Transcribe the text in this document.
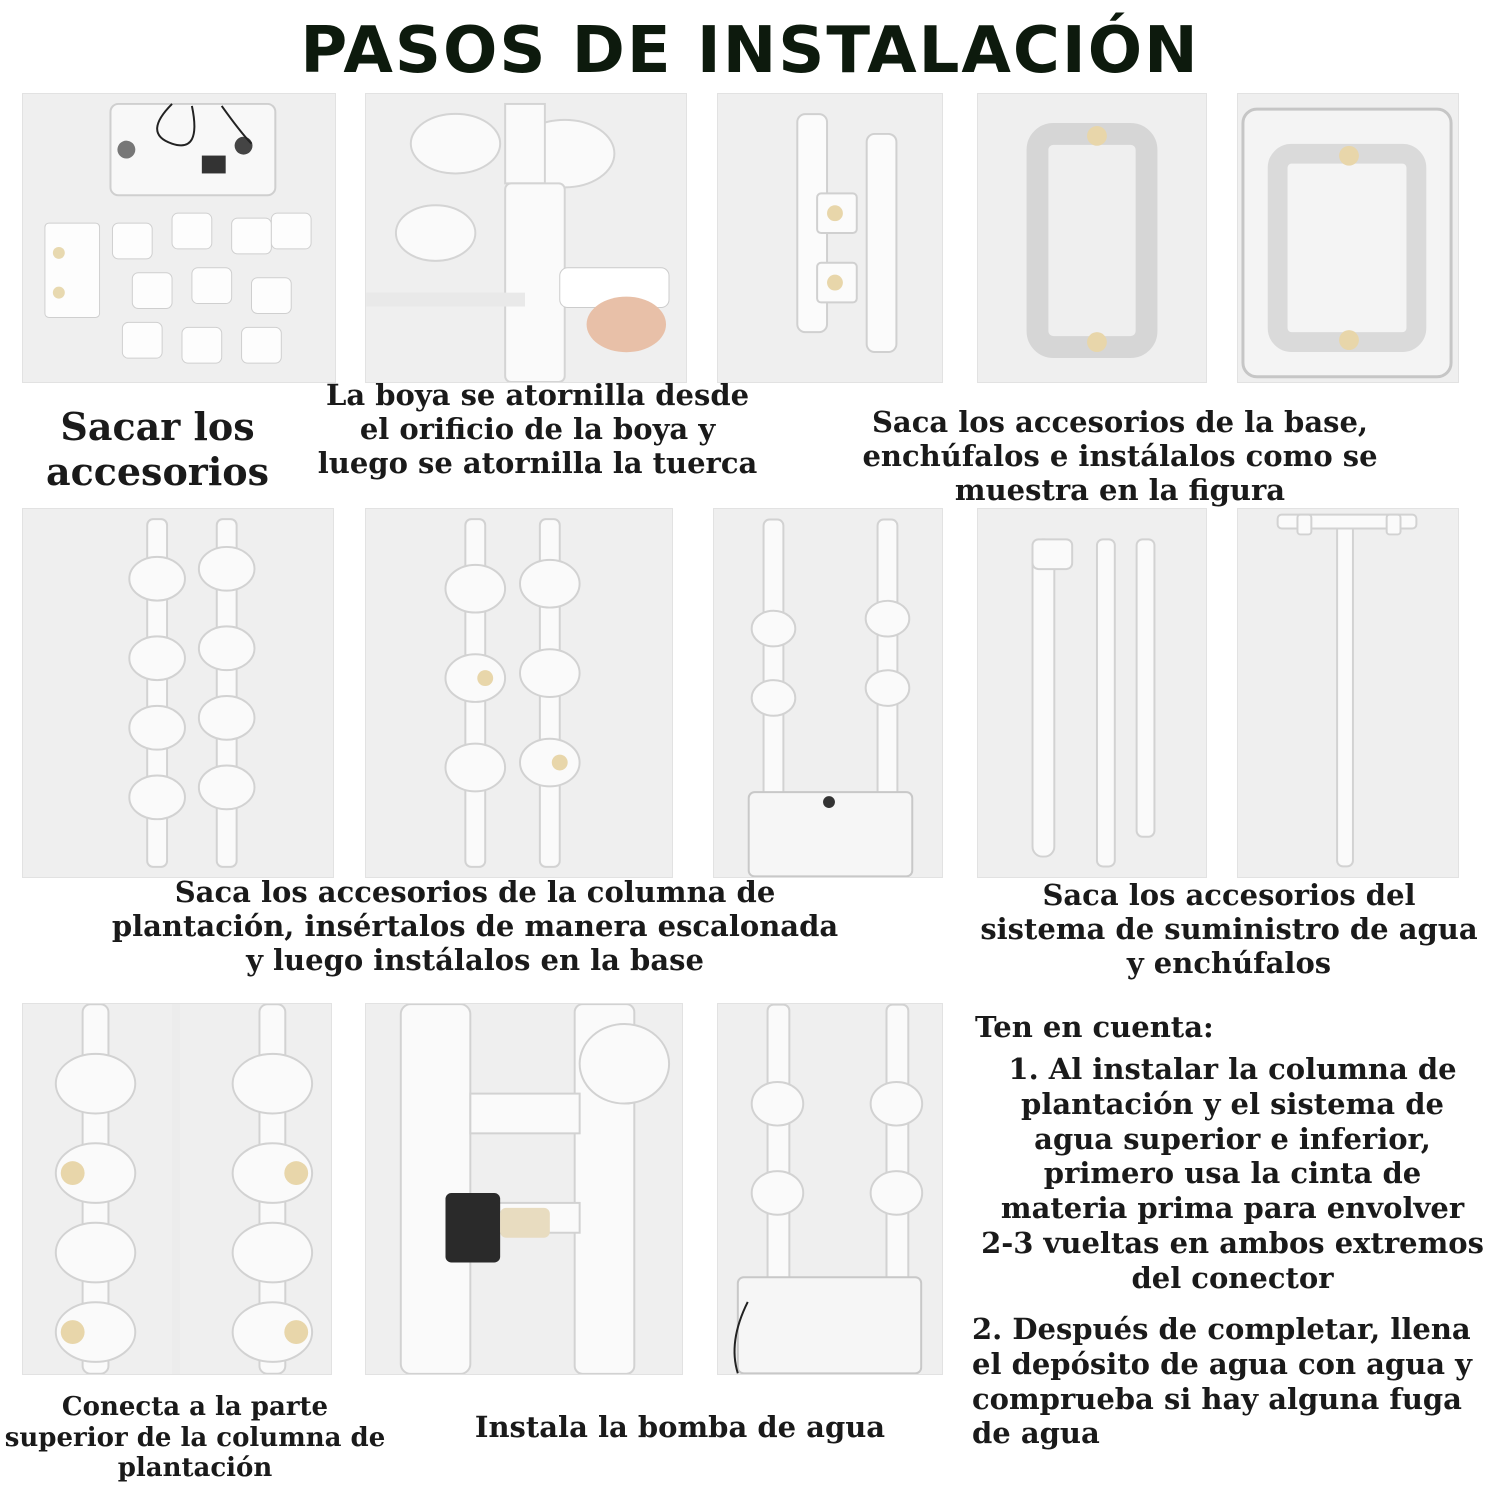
PASOS DE INSTALACIÓN
Sacar los accesorios
La boya se atornilla desde el orificio de la boya y luego se atornilla la tuerca
Saca los accesorios de la base, enchúfalos e instálalos como se muestra en la figura
Saca los accesorios de la columna de plantación, insértalos de manera escalonada y luego instálalos en la base
Saca los accesorios del sistema de suministro de agua y enchúfalos
Conecta a la parte superior de la columna de plantación
Instala la bomba de agua
Ten en cuenta:
1. Al instalar la columna de plantación y el sistema de agua superior e inferior, primero usa la cinta de materia prima para envolver 2-3 vueltas en ambos extremos del conector
2. Después de completar, llena el depósito de agua con agua y comprueba si hay alguna fuga de agua
